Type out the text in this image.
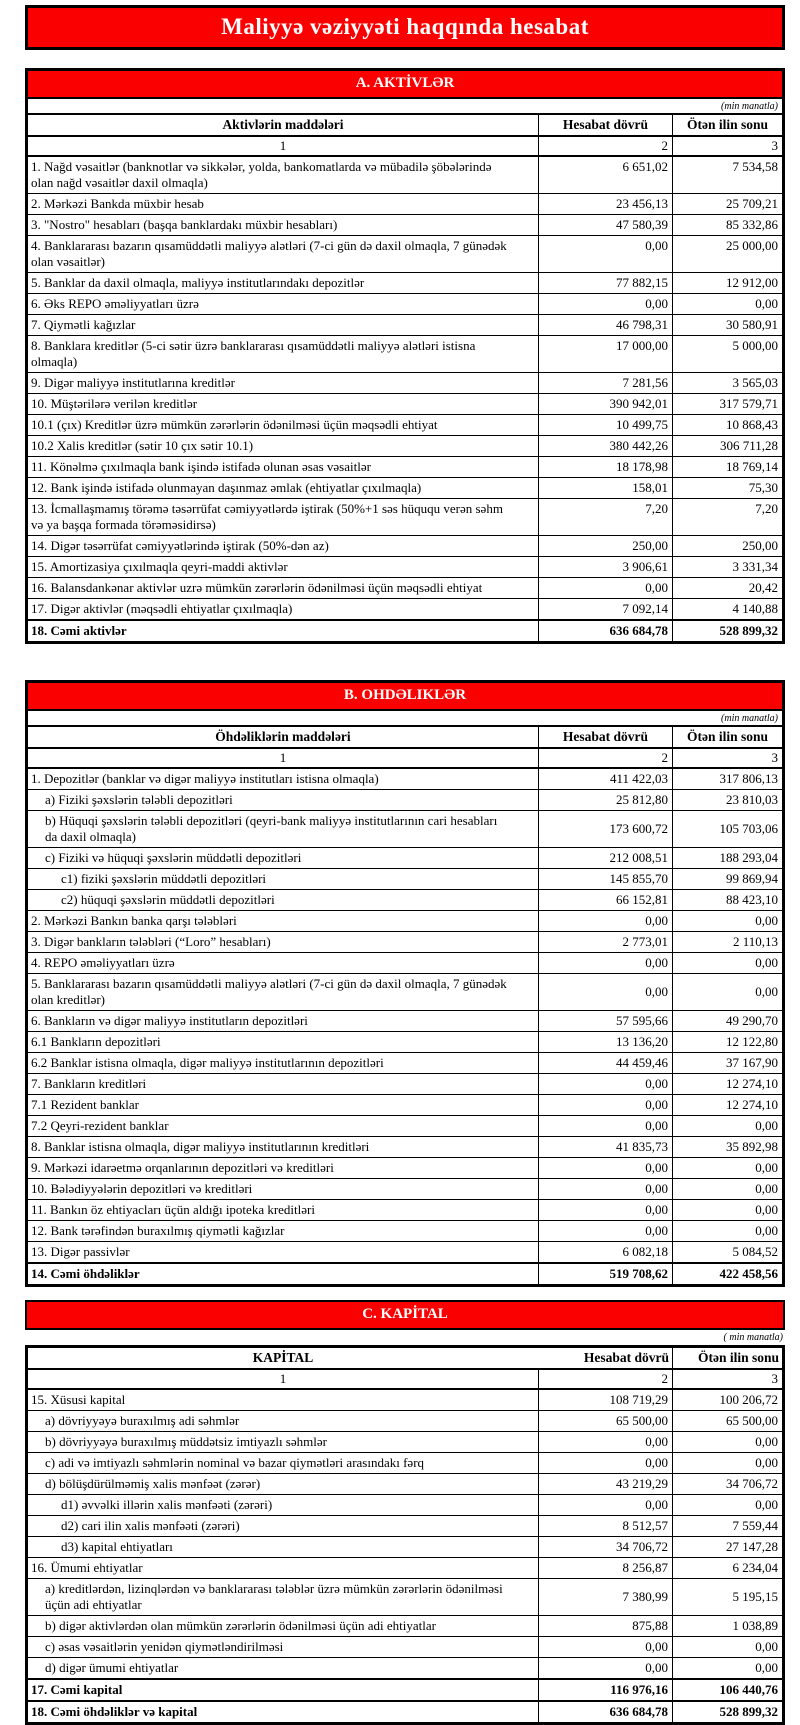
Maliyyə vəziyyəti haqqında hesabat
A. AKTİVLƏR
(min manatla)
Aktivlərin maddələri	Hesabat dövrü	Ötən ilin sonu
1	2	3
1. Nağd vəsaitlər (banknotlar və sikkələr, yolda, bankomatlarda və mübadilə şöbələrində olan nağd vəsaitlər daxil olmaqla)
6 651,02	7 534,58
2. Mərkəzi Bankda müxbir hesab	23 456,13	25 709,21
3. "Nostro" hesabları (başqa banklardakı müxbir hesabları)	47 580,39	85 332,86
4. Banklararası bazarın qısamüddətli maliyyə alətləri (7-ci gün də daxil olmaqla, 7 günədək olan vəsaitlər)
0,00	25 000,00
5. Banklar da daxil olmaqla, maliyyə institutlarındakı depozitlər	77 882,15	12 912,00
6. Əks REPO əməliyyatları üzrə	0,00	0,00
7. Qiymətli kağızlar	46 798,31	30 580,91
8. Banklara kreditlər (5-ci sətir üzrə banklararası qısamüddətli maliyyə alətləri istisna olmaqla)
17 000,00	5 000,00
9. Digər maliyyə institutlarına kreditlər	7 281,56	3 565,03
10. Müştərilərə verilən kreditlər	390 942,01	317 579,71
10.1 (çıx) Kreditlər üzrə mümkün zərərlərin ödənilməsi üçün məqsədli ehtiyat	10 499,75	10 868,43
10.2 Xalis kreditlər (sətir 10 çıx sətir 10.1)	380 442,26	306 711,28
11. Könəlmə çıxılmaqla bank işində istifadə olunan əsas vəsaitlər	18 178,98	18 769,14
12. Bank işində istifadə olunmayan daşınmaz əmlak (ehtiyatlar çıxılmaqla)	158,01	75,30
13. İcmallaşmamış törəmə təsərrüfat cəmiyyətlərdə iştirak (50%+1 səs hüququ verən səhm və ya başqa formada törəməsidirsə)
7,20	7,20
14. Digər təsərrüfat cəmiyyətlərində iştirak (50%-dən az)	250,00	250,00
15. Amortizasiya çıxılmaqla qeyri-maddi aktivlər	3 906,61	3 331,34
16. Balansdankənar aktivlər uzrə mümkün zərərlərin ödənilməsi üçün məqsədli ehtiyat	0,00	20,42
17. Digər aktivlər (məqsədli ehtiyatlar çıxılmaqla)	7 092,14	4 140,88
18. Cəmi aktivlər	636 684,78	528 899,32
B. OHDƏLIKLƏR
(min manatla)
Öhdəliklərin maddələri	Hesabat dövrü	Ötən ilin sonu
1	2	3
1. Depozitlər (banklar və digər maliyyə institutları istisna olmaqla)	411 422,03	317 806,13
a) Fiziki şəxslərin tələbli depozitləri	25 812,80	23 810,03
b) Hüquqi şəxslərin tələbli depozitləri (qeyri-bank maliyyə institutlarının cari hesabları da daxil olmaqla)
173 600,72	105 703,06
c) Fiziki və hüquqi şəxslərin müddətli depozitləri	212 008,51	188 293,04
c1) fiziki şəxslərin müddətli depozitləri	145 855,70	99 869,94
c2) hüquqi şəxslərin müddətli depozitləri	66 152,81	88 423,10
2. Mərkəzi Bankın banka qarşı tələbləri	0,00	0,00
3. Digər bankların tələbləri (“Loro” hesabları)	2 773,01	2 110,13
4. REPO əməliyyatları üzrə	0,00	0,00
5. Banklararası bazarın qısamüddətli maliyyə alətləri (7-ci gün də daxil olmaqla, 7 günədək olan kreditlər)
0,00	0,00
6. Bankların və digər maliyyə institutların depozitləri	57 595,66	49 290,70
6.1 Bankların depozitləri	13 136,20	12 122,80
6.2 Banklar istisna olmaqla, digər maliyyə institutlarının depozitləri	44 459,46	37 167,90
7. Bankların kreditləri	0,00	12 274,10
7.1 Rezident banklar	0,00	12 274,10
7.2 Qeyri-rezident banklar	0,00	0,00
8. Banklar istisna olmaqla, digər maliyyə institutlarının kreditləri	41 835,73	35 892,98
9. Mərkəzi idarəetmə orqanlarının depozitləri və kreditləri	0,00	0,00
10. Bələdiyyələrin depozitləri və kreditləri	0,00	0,00
11. Bankın öz ehtiyacları üçün aldığı ipoteka kreditləri	0,00	0,00
12. Bank tərəfindən buraxılmış qiymətli kağızlar	0,00	0,00
13. Digər passivlər	6 082,18	5 084,52
14. Cəmi öhdəliklər	519 708,62	422 458,56
C. KAPİTAL
( min manatla)
KAPİTAL	Hesabat dövrü	Ötən ilin sonu
1	2	3
15. Xüsusi kapital	108 719,29	100 206,72
a) dövriyyəyə buraxılmış adi səhmlər	65 500,00	65 500,00
b) dövriyyəyə buraxılmış müddətsiz imtiyazlı səhmlər	0,00	0,00
c) adi və imtiyazlı səhmlərin nominal və bazar qiymətləri arasındakı fərq	0,00	0,00
d) bölüşdürülməmiş xalis mənfəət (zərər)	43 219,29	34 706,72
d1) əvvəlki illərin xalis mənfəəti (zərəri)	0,00	0,00
d2) cari ilin xalis mənfəəti (zərəri)	8 512,57	7 559,44
d3) kapital ehtiyatları	34 706,72	27 147,28
16. Ümumi ehtiyatlar	8 256,87	6 234,04
a) kreditlərdən, lizinqlərdən və banklararası tələblər üzrə mümkün zərərlərin ödənilməsi üçün adi ehtiyatlar
7 380,99	5 195,15
b) digər aktivlərdən olan mümkün zərərlərin ödənilməsi üçün adi ehtiyatlar	875,88	1 038,89
c) əsas vəsaitlərin yenidən qiymətləndirilməsi	0,00	0,00
d) digər ümumi ehtiyatlar	0,00	0,00
17. Cəmi kapital	116 976,16	106 440,76
18. Cəmi öhdəliklər və kapital	636 684,78	528 899,32
